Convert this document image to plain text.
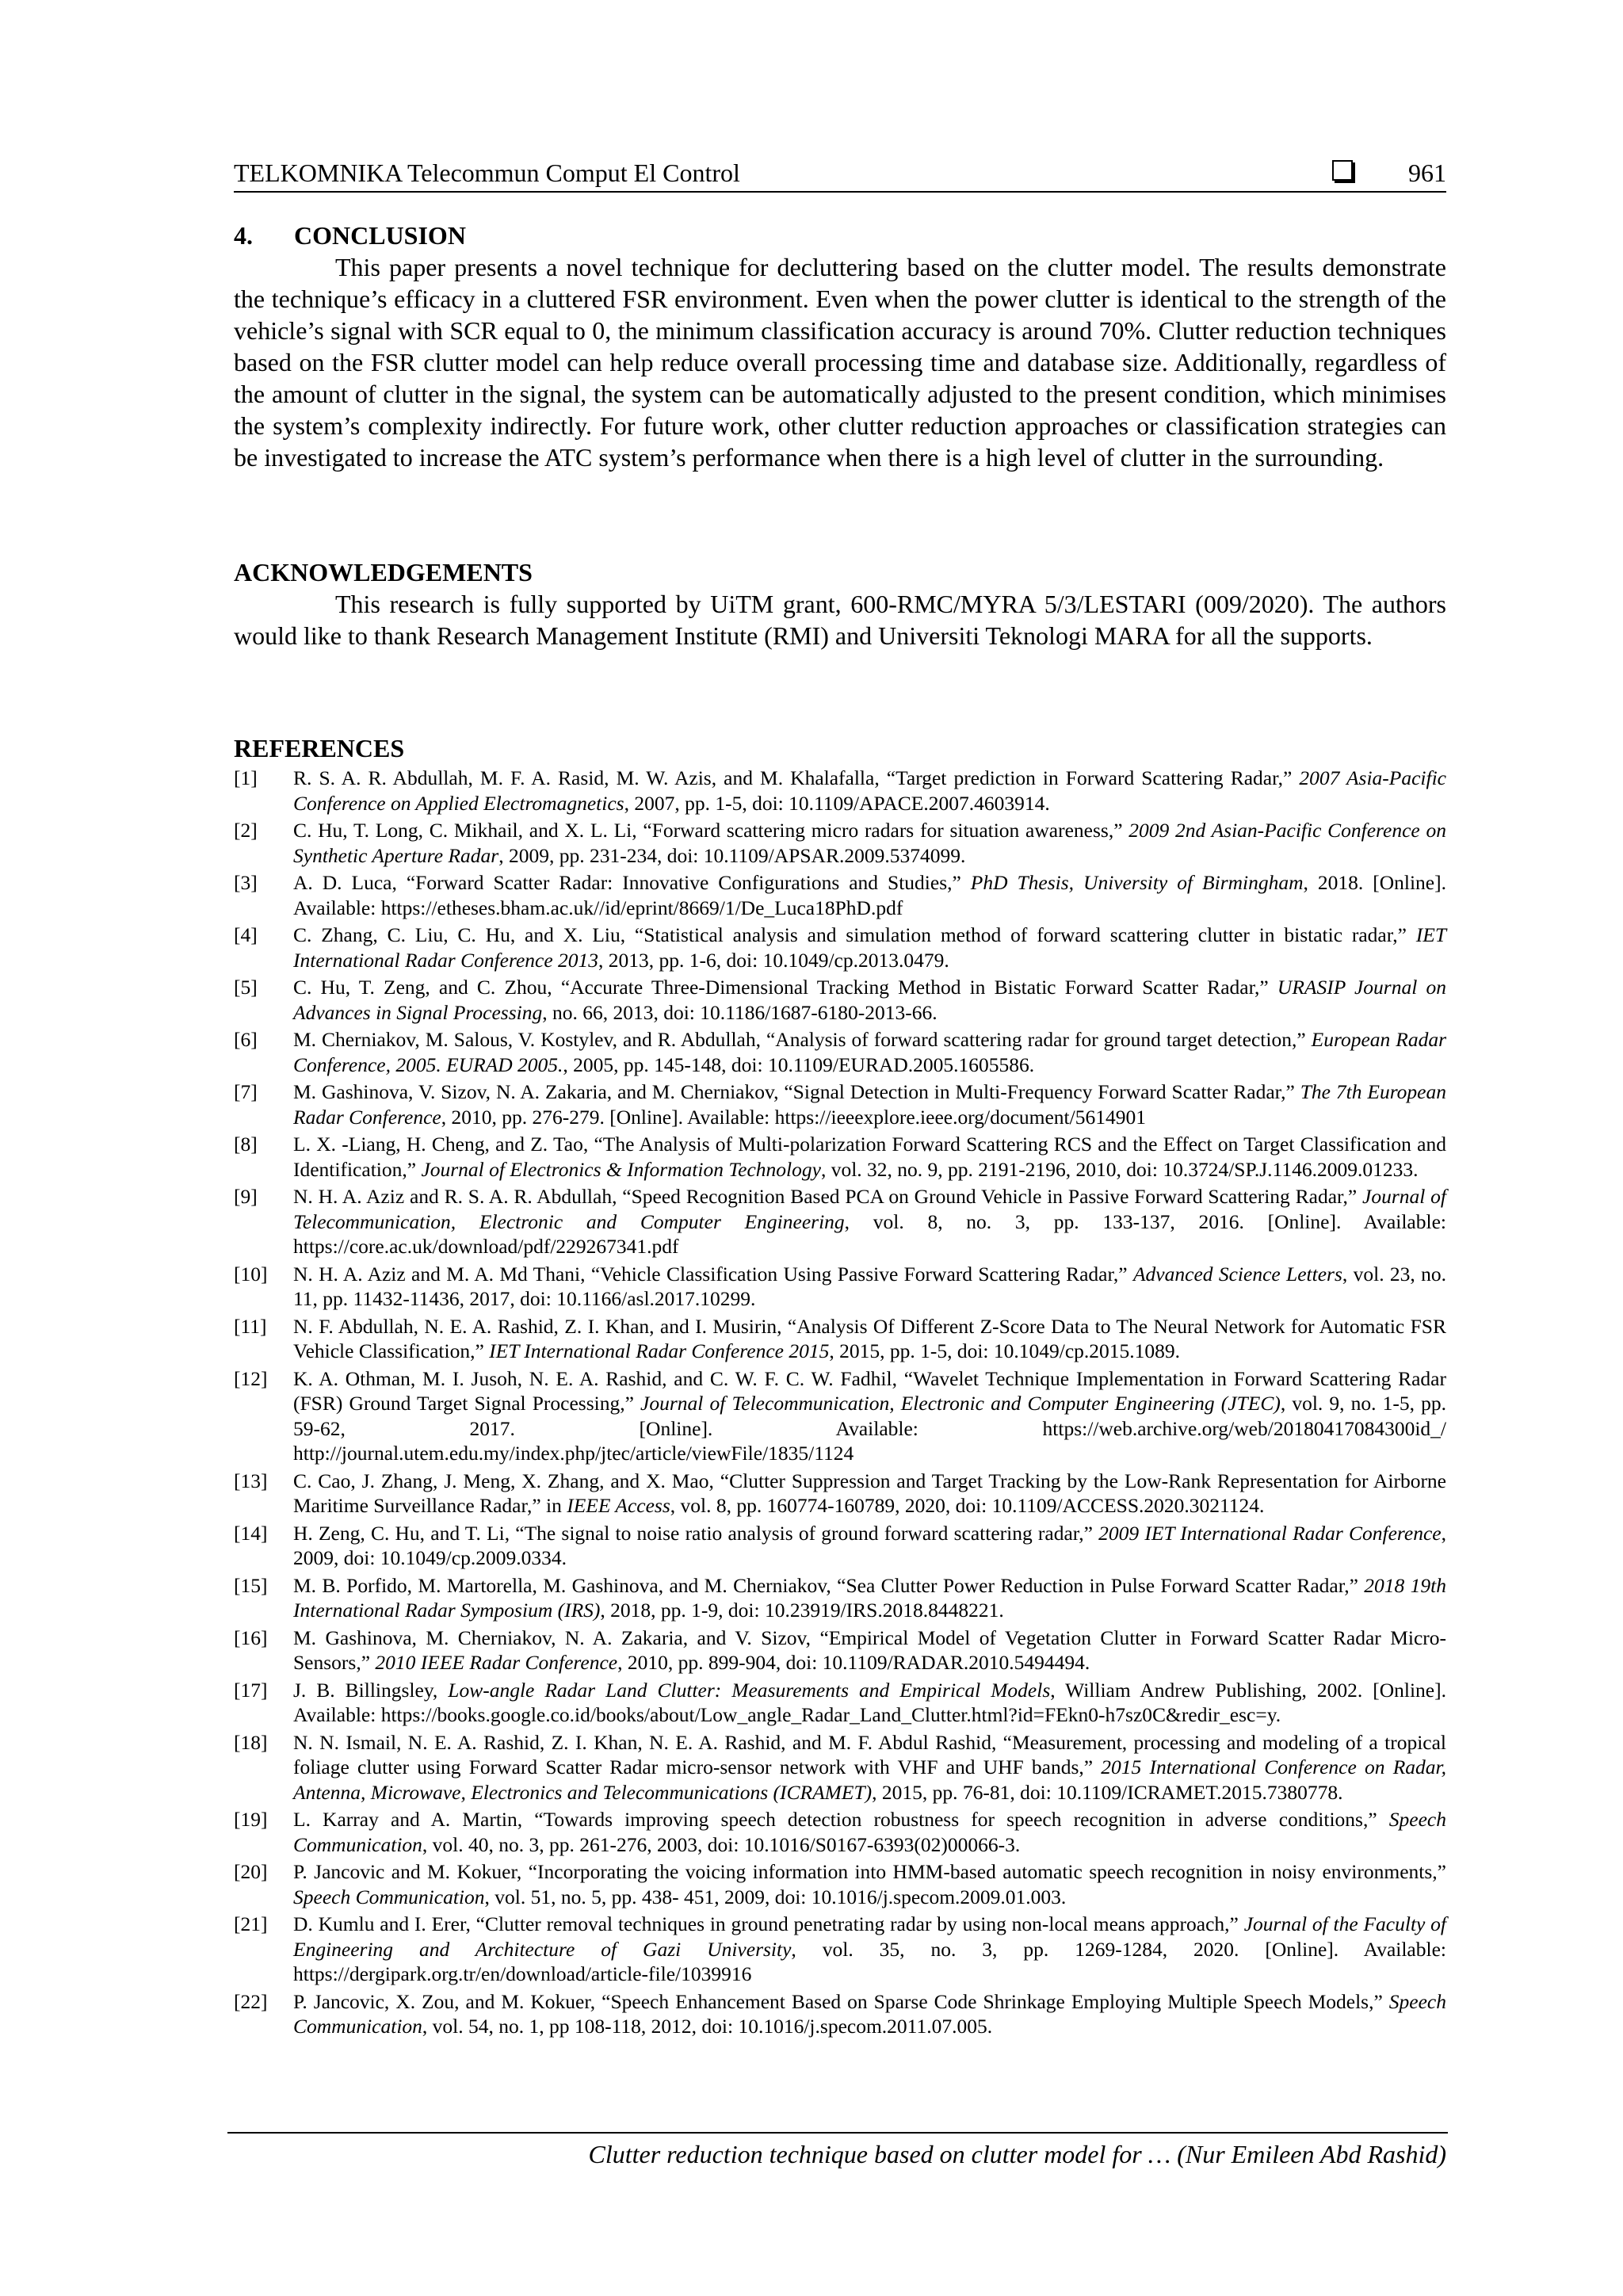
TELKOMNIKA Telecommun Comput El Control	961
4. CONCLUSION

This paper presents a novel technique for decluttering based on the clutter model. The results demonstrate the technique’s efficacy in a cluttered FSR environment. Even when the power clutter is identical to the strength of the vehicle’s signal with SCR equal to 0, the minimum classification accuracy is around 70%. Clutter reduction techniques based on the FSR clutter model can help reduce overall processing time and database size. Additionally, regardless of the amount of clutter in the signal, the system can be automatically adjusted to the present condition, which minimises the system’s complexity indirectly. For future work, other clutter reduction approaches or classification strategies can be investigated to increase the ATC system’s performance when there is a high level of clutter in the surrounding.

ACKNOWLEDGEMENTS

This research is fully supported by UiTM grant, 600-RMC/MYRA 5/3/LESTARI (009/2020). The authors would like to thank Research Management Institute (RMI) and Universiti Teknologi MARA for all the supports.

REFERENCES
[1] R. S. A. R. Abdullah, M. F. A. Rasid, M. W. Azis, and M. Khalafalla, “Target prediction in Forward Scattering Radar,” 2007 Asia-Pacific Conference on Applied Electromagnetics, 2007, pp. 1-5, doi: 10.1109/APACE.2007.4603914.
[2] C. Hu, T. Long, C. Mikhail, and X. L. Li, “Forward scattering micro radars for situation awareness,” 2009 2nd Asian-Pacific Conference on Synthetic Aperture Radar, 2009, pp. 231-234, doi: 10.1109/APSAR.2009.5374099.
[3] A. D. Luca, “Forward Scatter Radar: Innovative Configurations and Studies,” PhD Thesis, University of Birmingham, 2018. [Online]. Available: https://etheses.bham.ac.uk//id/eprint/8669/1/De_Luca18PhD.pdf
[4] C. Zhang, C. Liu, C. Hu, and X. Liu, “Statistical analysis and simulation method of forward scattering clutter in bistatic radar,” IET International Radar Conference 2013, 2013, pp. 1-6, doi: 10.1049/cp.2013.0479.
[5] C. Hu, T. Zeng, and C. Zhou, “Accurate Three-Dimensional Tracking Method in Bistatic Forward Scatter Radar,” URASIP Journal on Advances in Signal Processing, no. 66, 2013, doi: 10.1186/1687-6180-2013-66.
[6] M. Cherniakov, M. Salous, V. Kostylev, and R. Abdullah, “Analysis of forward scattering radar for ground target detection,” European Radar Conference, 2005. EURAD 2005., 2005, pp. 145-148, doi: 10.1109/EURAD.2005.1605586.
[7] M. Gashinova, V. Sizov, N. A. Zakaria, and M. Cherniakov, “Signal Detection in Multi-Frequency Forward Scatter Radar,” The 7th European Radar Conference, 2010, pp. 276-279. [Online]. Available: https://ieeexplore.ieee.org/document/5614901
[8] L. X. -Liang, H. Cheng, and Z. Tao, “The Analysis of Multi-polarization Forward Scattering RCS and the Effect on Target Classification and Identification,” Journal of Electronics & Information Technology, vol. 32, no. 9, pp. 2191-2196, 2010, doi: 10.3724/SP.J.1146.2009.01233.
[9] N. H. A. Aziz and R. S. A. R. Abdullah, “Speed Recognition Based PCA on Ground Vehicle in Passive Forward Scattering Radar,” Journal of Telecommunication, Electronic and Computer Engineering, vol. 8, no. 3, pp. 133-137, 2016. [Online]. Available: https://core.ac.uk/download/pdf/229267341.pdf
[10] N. H. A. Aziz and M. A. Md Thani, “Vehicle Classification Using Passive Forward Scattering Radar,” Advanced Science Letters, vol. 23, no. 11, pp. 11432-11436, 2017, doi: 10.1166/asl.2017.10299.
[11] N. F. Abdullah, N. E. A. Rashid, Z. I. Khan, and I. Musirin, “Analysis Of Different Z-Score Data to The Neural Network for Automatic FSR Vehicle Classification,” IET International Radar Conference 2015, 2015, pp. 1-5, doi: 10.1049/cp.2015.1089.
[12] K. A. Othman, M. I. Jusoh, N. E. A. Rashid, and C. W. F. C. W. Fadhil, “Wavelet Technique Implementation in Forward Scattering Radar (FSR) Ground Target Signal Processing,” Journal of Telecommunication, Electronic and Computer Engineering (JTEC), vol. 9, no. 1-5, pp. 59-62, 2017. [Online]. Available: https://web.archive.org/web/20180417084300id_/ http://journal.utem.edu.my/index.php/jtec/article/viewFile/1835/1124
[13] C. Cao, J. Zhang, J. Meng, X. Zhang, and X. Mao, “Clutter Suppression and Target Tracking by the Low-Rank Representation for Airborne Maritime Surveillance Radar,” in IEEE Access, vol. 8, pp. 160774-160789, 2020, doi: 10.1109/ACCESS.2020.3021124.
[14] H. Zeng, C. Hu, and T. Li, “The signal to noise ratio analysis of ground forward scattering radar,” 2009 IET International Radar Conference, 2009, doi: 10.1049/cp.2009.0334.
[15] M. B. Porfido, M. Martorella, M. Gashinova, and M. Cherniakov, “Sea Clutter Power Reduction in Pulse Forward Scatter Radar,” 2018 19th International Radar Symposium (IRS), 2018, pp. 1-9, doi: 10.23919/IRS.2018.8448221.
[16] M. Gashinova, M. Cherniakov, N. A. Zakaria, and V. Sizov, “Empirical Model of Vegetation Clutter in Forward Scatter Radar Micro-Sensors,” 2010 IEEE Radar Conference, 2010, pp. 899-904, doi: 10.1109/RADAR.2010.5494494.
[17] J. B. Billingsley, Low-angle Radar Land Clutter: Measurements and Empirical Models, William Andrew Publishing, 2002. [Online]. Available: https://books.google.co.id/books/about/Low_angle_Radar_Land_Clutter.html?id=FEkn0-h7sz0C&redir_esc=y.
[18] N. N. Ismail, N. E. A. Rashid, Z. I. Khan, N. E. A. Rashid, and M. F. Abdul Rashid, “Measurement, processing and modeling of a tropical foliage clutter using Forward Scatter Radar micro-sensor network with VHF and UHF bands,” 2015 International Conference on Radar, Antenna, Microwave, Electronics and Telecommunications (ICRAMET), 2015, pp. 76-81, doi: 10.1109/ICRAMET.2015.7380778.
[19] L. Karray and A. Martin, “Towards improving speech detection robustness for speech recognition in adverse conditions,” Speech Communication, vol. 40, no. 3, pp. 261-276, 2003, doi: 10.1016/S0167-6393(02)00066-3.
[20] P. Jancovic and M. Kokuer, “Incorporating the voicing information into HMM-based automatic speech recognition in noisy environments,” Speech Communication, vol. 51, no. 5, pp. 438- 451, 2009, doi: 10.1016/j.specom.2009.01.003.
[21] D. Kumlu and I. Erer, “Clutter removal techniques in ground penetrating radar by using non-local means approach,” Journal of the Faculty of Engineering and Architecture of Gazi University, vol. 35, no. 3, pp. 1269-1284, 2020. [Online]. Available: https://dergipark.org.tr/en/download/article-file/1039916
[22] P. Jancovic, X. Zou, and M. Kokuer, “Speech Enhancement Based on Sparse Code Shrinkage Employing Multiple Speech Models,” Speech Communication, vol. 54, no. 1, pp 108-118, 2012, doi: 10.1016/j.specom.2011.07.005.
Clutter reduction technique based on clutter model for … (Nur Emileen Abd Rashid)
